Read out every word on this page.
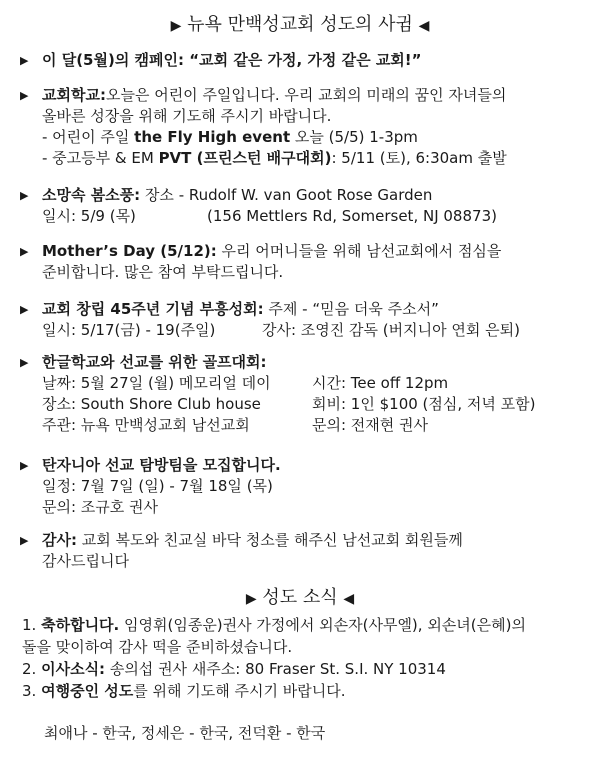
▶ 뉴욕 만백성교회 성도의 사귐 ◀
▶ 이 달(5월)의 캠페인: “교회 같은 가정, 가정 같은 교회!”
▶ 교회학교:오늘은 어린이 주일입니다. 우리 교회의 미래의 꿈인 자녀들의
올바른 성장을 위해 기도해 주시기 바랍니다.
- 어린이 주일 the Fly High event 오늘 (5/5) 1-3pm
- 중고등부 & EM PVT (프린스턴 배구대회): 5/11 (토), 6:30am 출발
▶ 소망속 봄소풍: 장소 - Rudolf W. van Goot Rose Garden
일시: 5/9 (목)	(156 Mettlers Rd, Somerset, NJ 08873)
▶ Mother’s Day (5/12): 우리 어머니들을 위해 남선교회에서 점심을
준비합니다. 많은 참여 부탁드립니다.
▶ 교회 창립 45주년 기념 부흥성회: 주제 - “믿음 더욱 주소서”
일시: 5/17(금) - 19(주일)	강사: 조영진 감독 (버지니아 연회 은퇴)
▶ 한글학교와 선교를 위한 골프대회:
날짜: 5월 27일 (월) 메모리얼 데이	시간: Tee off 12pm
장소: South Shore Club house	회비: 1인 $100 (점심, 저녁 포함)
주관: 뉴욕 만백성교회 남선교회	문의: 전재현 권사
▶ 탄자니아 선교 탐방팀을 모집합니다.
일정: 7월 7일 (일) - 7월 18일 (목)
문의: 조규호 권사
▶ 감사: 교회 복도와 친교실 바닥 청소를 해주신 남선교회 회원들께
감사드립니다
▶ 성도 소식 ◀
1. 축하합니다. 임영휘(임종운)권사 가정에서 외손자(사무엘), 외손녀(은혜)의
돌을 맞이하여 감사 떡을 준비하셨습니다.
2. 이사소식: 송의섭 권사 새주소: 80 Fraser St. S.I. NY 10314
3. 여행중인 성도를 위해 기도해 주시기 바랍니다.
최애나 - 한국, 정세은 - 한국, 전덕환 - 한국
